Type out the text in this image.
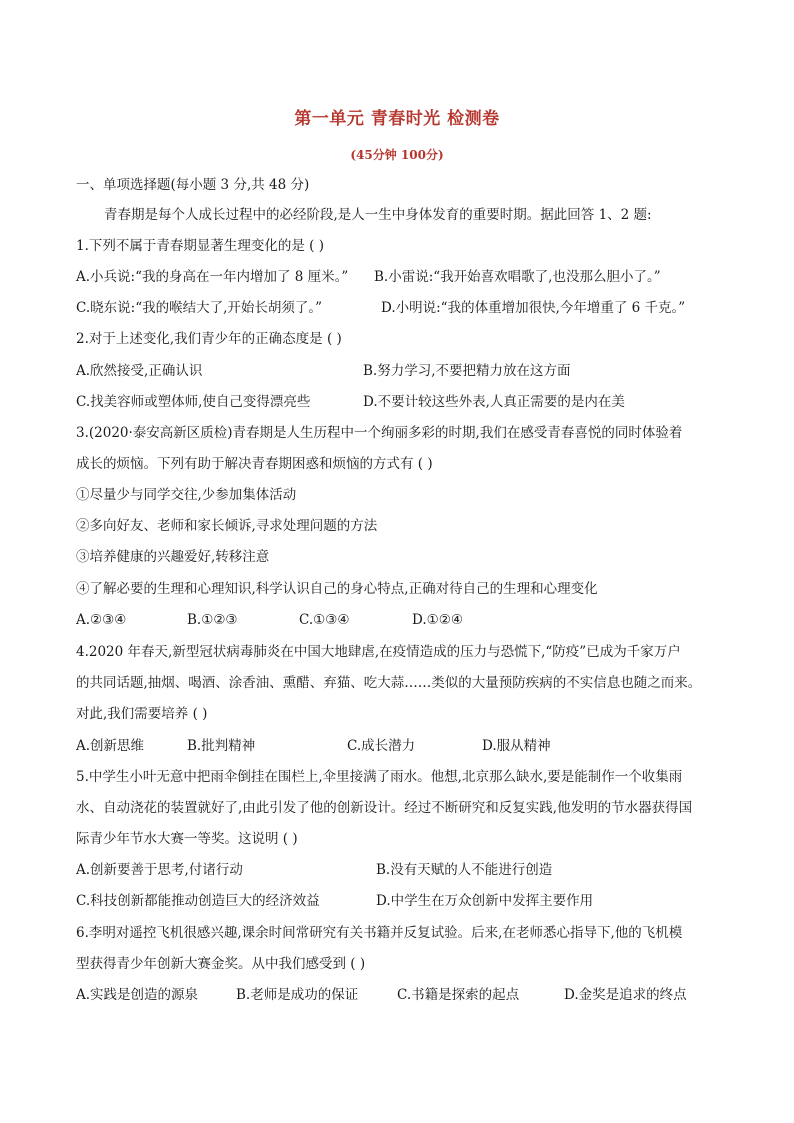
第一单元 青春时光 检测卷
(45分钟 100分)
一、单项选择题(每小题 3 分,共 48 分)
青春期是每个人成长过程中的必经阶段,是人一生中身体发育的重要时期。据此回答 1、2 题:
1.下列不属于青春期显著生理变化的是 ( )
A.小兵说:“我的身高在一年内增加了 8 厘米。” B.小雷说:“我开始喜欢唱歌了,也没那么胆小了。”
C.晓东说:“我的喉结大了,开始长胡须了。”	D.小明说:“我的体重增加很快,今年增重了 6 千克。”
2.对于上述变化,我们青少年的正确态度是 ( )
A.欣然接受,正确认识	B.努力学习,不要把精力放在这方面
C.找美容师或塑体师,使自己变得漂亮些	D.不要计较这些外表,人真正需要的是内在美
3.(2020·泰安高新区质检)青春期是人生历程中一个绚丽多彩的时期,我们在感受青春喜悦的同时体验着
成长的烦恼。下列有助于解决青春期困惑和烦恼的方式有 ( )
①尽量少与同学交往,少参加集体活动
②多向好友、老师和家长倾诉,寻求处理问题的方法
③培养健康的兴趣爱好,转移注意
④了解必要的生理和心理知识,科学认识自己的身心特点,正确对待自己的生理和心理变化
A.②③④	B.①②③	C.①③④	D.①②④
4.2020 年春天,新型冠状病毒肺炎在中国大地肆虐,在疫情造成的压力与恐慌下,“防疫”已成为千家万户
的共同话题,抽烟、喝酒、涂香油、熏醋、弃猫、吃大蒜……类似的大量预防疾病的不实信息也随之而来。
对此,我们需要培养 ( )
A.创新思维	B.批判精神	C.成长潜力	D.服从精神
5.中学生小叶无意中把雨伞倒挂在围栏上,伞里接满了雨水。他想,北京那么缺水,要是能制作一个收集雨
水、自动浇花的装置就好了,由此引发了他的创新设计。经过不断研究和反复实践,他发明的节水器获得国
际青少年节水大赛一等奖。这说明 ( )
A.创新要善于思考,付诸行动	B.没有天赋的人不能进行创造
C.科技创新都能推动创造巨大的经济效益	D.中学生在万众创新中发挥主要作用
6.李明对遥控飞机很感兴趣,课余时间常研究有关书籍并反复试验。后来,在老师悉心指导下,他的飞机模
型获得青少年创新大赛金奖。从中我们感受到 ( )
A.实践是创造的源泉	B.老师是成功的保证	C.书籍是探索的起点	D.金奖是追求的终点
